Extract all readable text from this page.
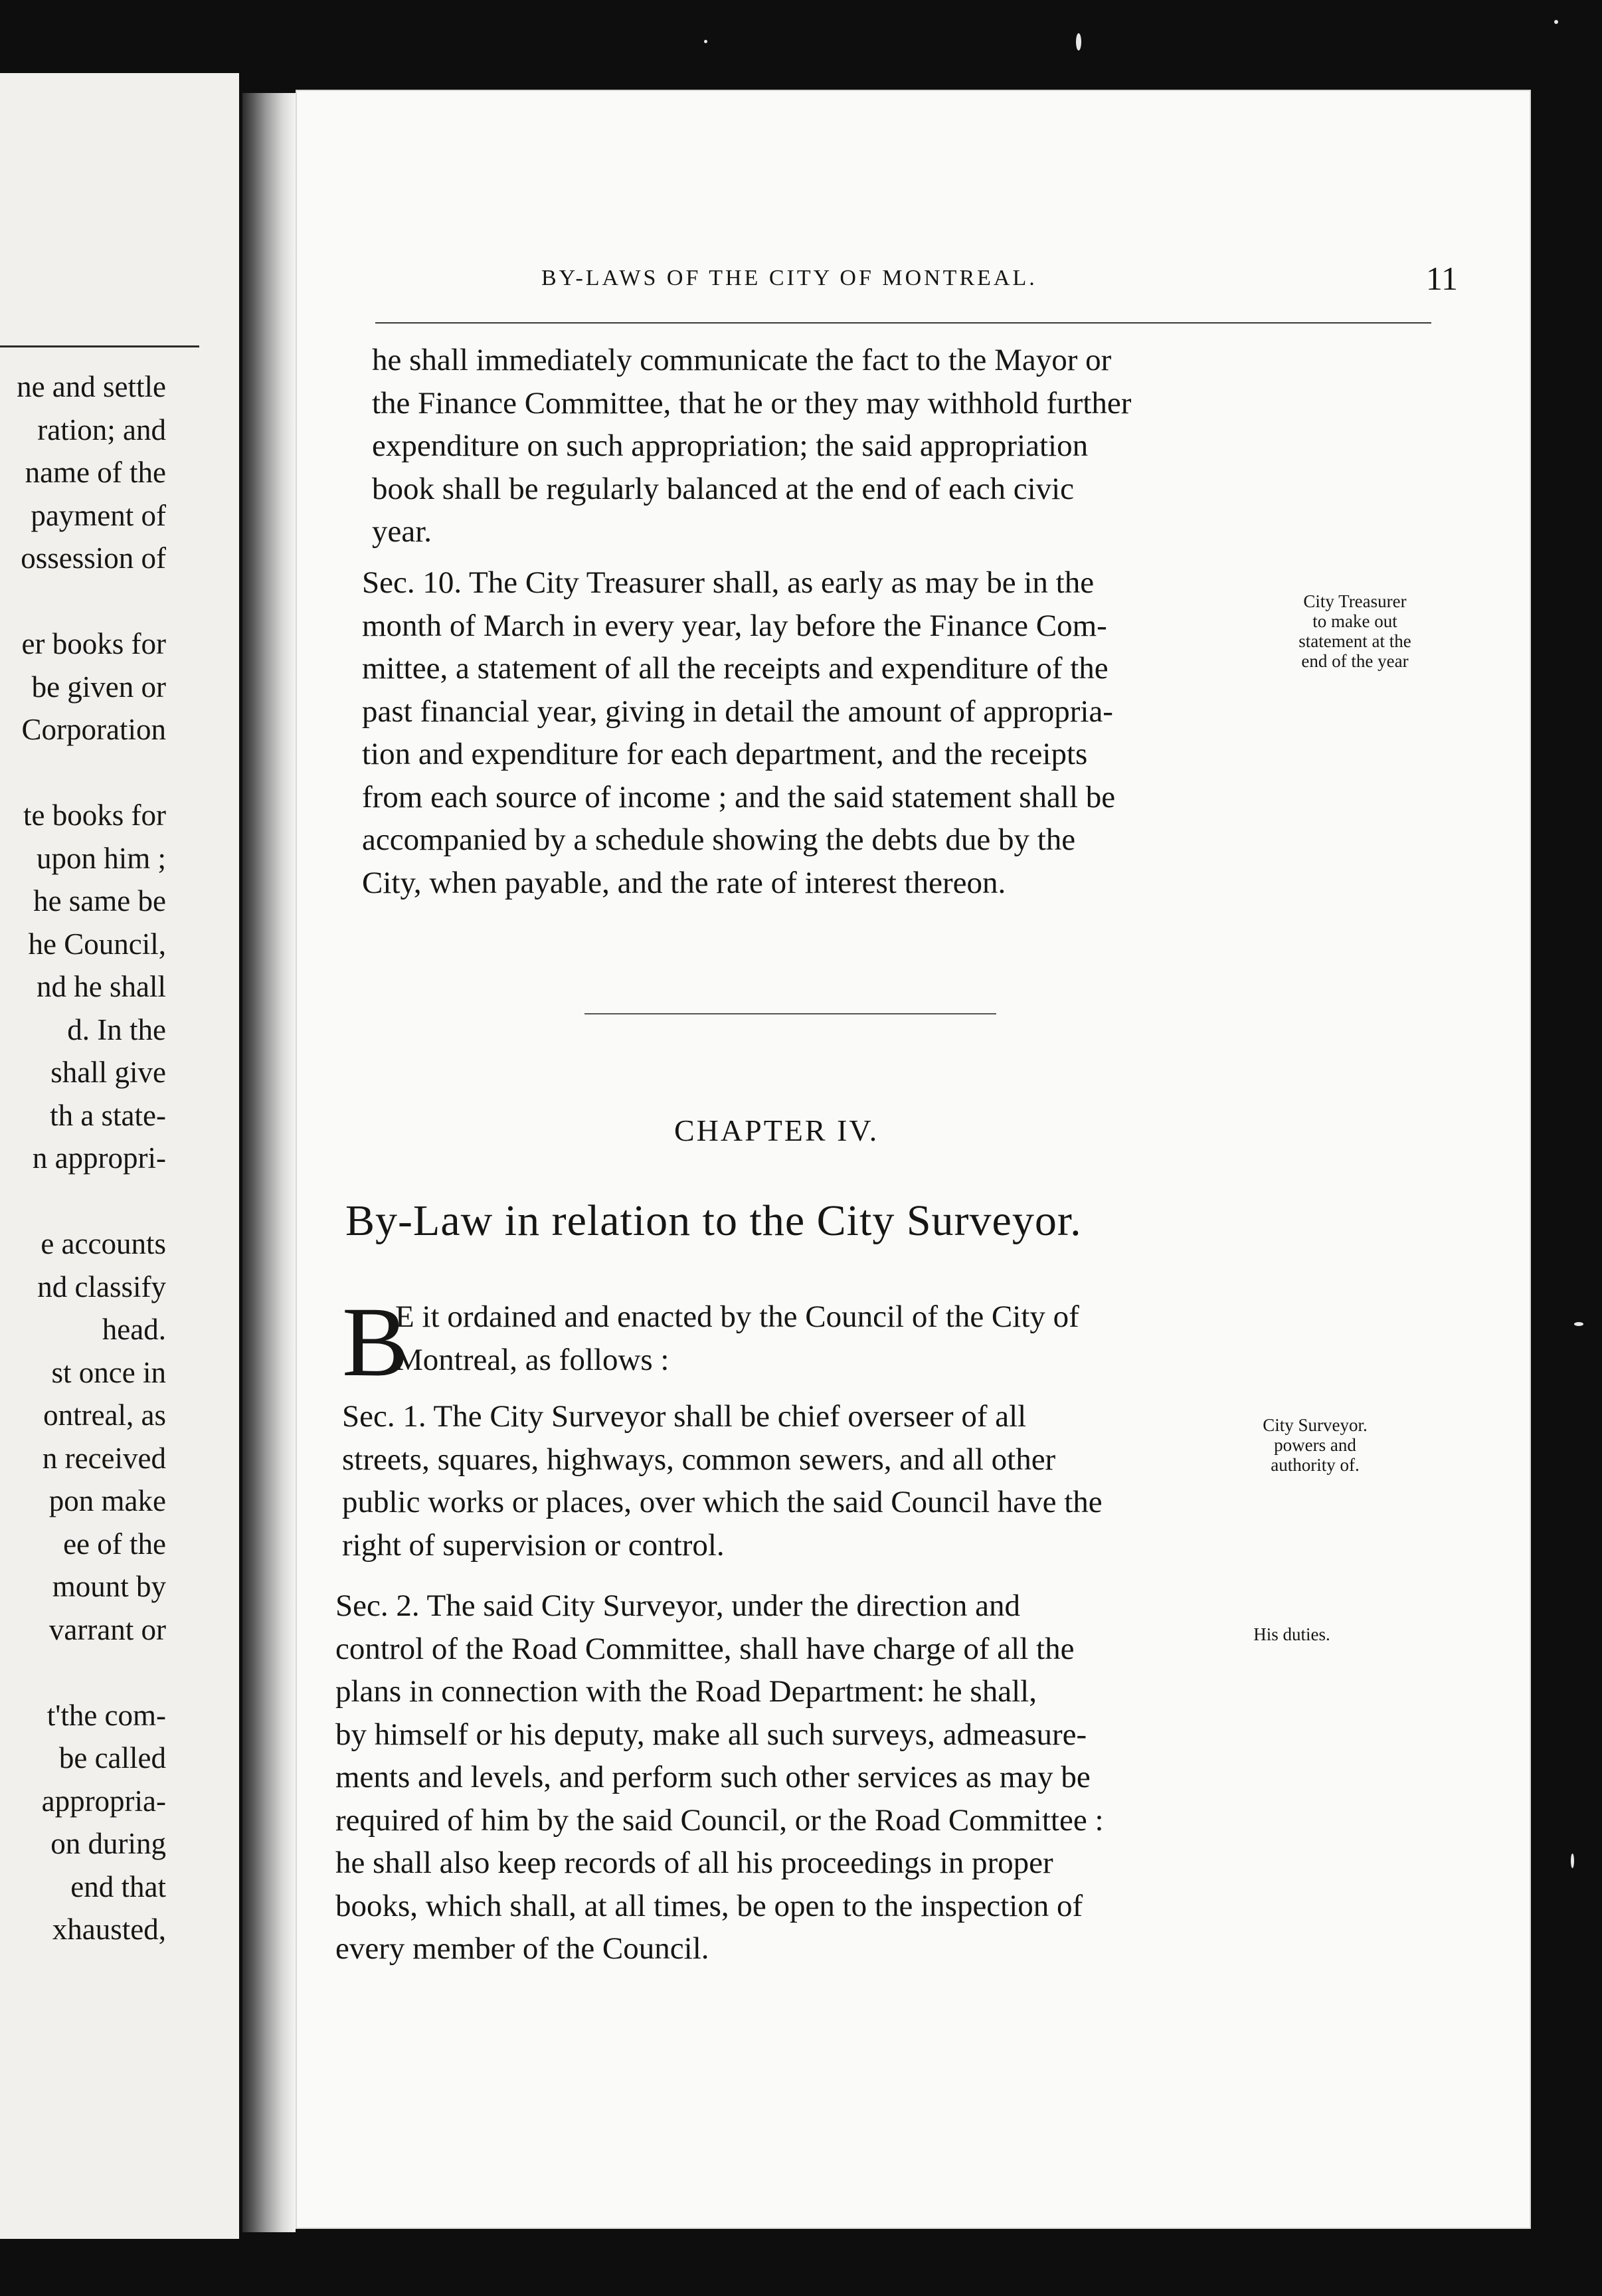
ne and settle
ration; and
name of the
payment of
ossession of
er books for
be given or
Corporation
te books for
upon him ;
he same be
he Council,
nd he shall
d. In the
shall give
th a state-
n appropri-
e accounts
nd classify
head.
st once in
ontreal, as
n received
pon make
ee of the
mount by
varrant or
t'the com-
be called
appropria-
on during
end that
xhausted,
BY-LAWS OF THE CITY OF MONTREAL.	11
he shall immediately communicate the fact to the Mayor or
the Finance Committee, that he or they may withhold further
expenditure on such appropriation; the said appropriation
book shall be regularly balanced at the end of each civic
year.
Sec. 10. The City Treasurer shall, as early as may be in the
month of March in every year, lay before the Finance Com-
mittee, a statement of all the receipts and expenditure of the
past financial year, giving in detail the amount of appropria-
tion and expenditure for each department, and the receipts
from each source of income ; and the said statement shall be
accompanied by a schedule showing the debts due by the
City, when payable, and the rate of interest thereon.
City Treasurer
to make out
statement at the
end of the year
CHAPTER IV.
By-Law in relation to the City Surveyor.
B
E it ordained and enacted by the Council of the City of
Montreal, as follows :
Sec. 1. The City Surveyor shall be chief overseer of all
streets, squares, highways, common sewers, and all other
public works or places, over which the said Council have the
right of supervision or control.
City Surveyor.
powers and
authority of.
Sec. 2. The said City Surveyor, under the direction and
control of the Road Committee, shall have charge of all the
plans in connection with the Road Department: he shall,
by himself or his deputy, make all such surveys, admeasure-
ments and levels, and perform such other services as may be
required of him by the said Council, or the Road Committee :
he shall also keep records of all his proceedings in proper
books, which shall, at all times, be open to the inspection of
every member of the Council.
His duties.
